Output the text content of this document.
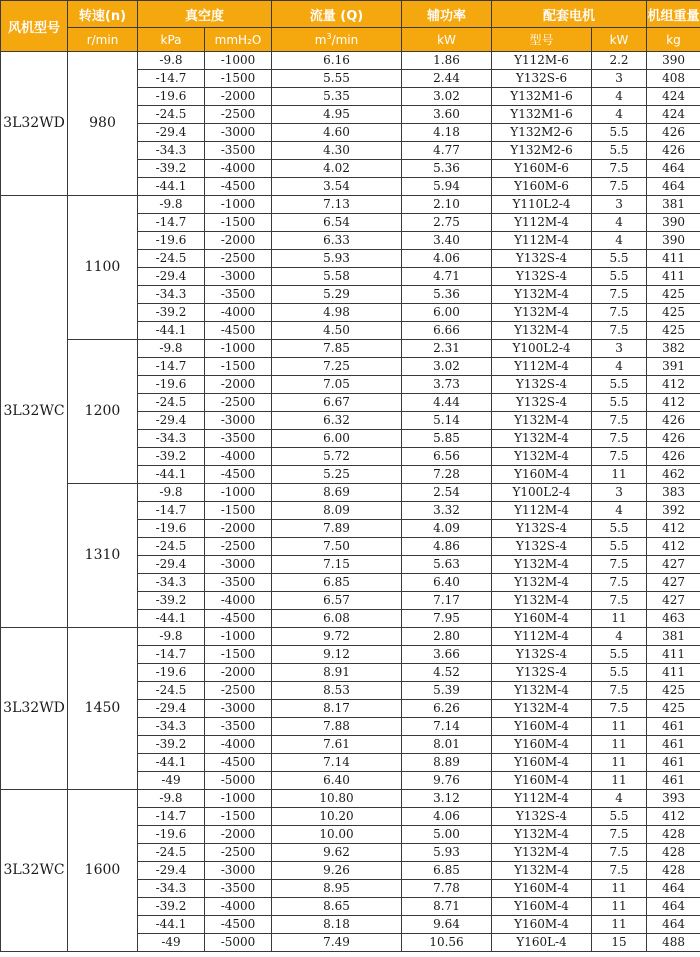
风机型号	转速(n)	真空度		流量 (Q)	辅功率	配套电机		机组重量
	r/min	kPa	mmH₂O	$m^3/\min$	kW	型号	kW	kg
3L32WD	980	-9.8	-1000	6.16	1.86	Y112M-6	2.2	390
		-14.7	-1500	5.55	2.44	Y132S-6	3	408
		-19.6	-2000	5.35	3.02	Y132M1-6	4	424
		-24.5	-2500	4.95	3.60	Y132M1-6	4	424
		-29.4	-3000	4.60	4.18	Y132M2-6	5.5	426
		-34.3	-3500	4.30	4.77	Y132M2-6	5.5	426
		-39.2	-4000	4.02	5.36	Y160M-6	7.5	464
		-44.1	-4500	3.54	5.94	Y160M-6	7.5	464
3L32WC	1100	-9.8	-1000	7.13	2.10	Y110L2-4	3	381
		-14.7	-1500	6.54	2.75	Y112M-4	4	390
		-19.6	-2000	6.33	3.40	Y112M-4	4	390
		-24.5	-2500	5.93	4.06	Y132S-4	5.5	411
		-29.4	-3000	5.58	4.71	Y132S-4	5.5	411
		-34.3	-3500	5.29	5.36	Y132M-4	7.5	425
		-39.2	-4000	4.98	6.00	Y132M-4	7.5	425
		-44.1	-4500	4.50	6.66	Y132M-4	7.5	425
	1200	-9.8	-1000	7.85	2.31	Y100L2-4	3	382
		-14.7	-1500	7.25	3.02	Y112M-4	4	391
		-19.6	-2000	7.05	3.73	Y132S-4	5.5	412
		-24.5	-2500	6.67	4.44	Y132S-4	5.5	412
		-29.4	-3000	6.32	5.14	Y132M-4	7.5	426
		-34.3	-3500	6.00	5.85	Y132M-4	7.5	426
		-39.2	-4000	5.72	6.56	Y132M-4	7.5	426
		-44.1	-4500	5.25	7.28	Y160M-4	11	462
	1310	-9.8	-1000	8.69	2.54	Y100L2-4	3	383
		-14.7	-1500	8.09	3.32	Y112M-4	4	392
		-19.6	-2000	7.89	4.09	Y132S-4	5.5	412
		-24.5	-2500	7.50	4.86	Y132S-4	5.5	412
		-29.4	-3000	7.15	5.63	Y132M-4	7.5	427
		-34.3	-3500	6.85	6.40	Y132M-4	7.5	427
		-39.2	-4000	6.57	7.17	Y132M-4	7.5	427
		-44.1	-4500	6.08	7.95	Y160M-4	11	463
3L32WD	1450	-9.8	-1000	9.72	2.80	Y112M-4	4	381
		-14.7	-1500	9.12	3.66	Y132S-4	5.5	411
		-19.6	-2000	8.91	4.52	Y132S-4	5.5	411
		-24.5	-2500	8.53	5.39	Y132M-4	7.5	425
		-29.4	-3000	8.17	6.26	Y132M-4	7.5	425
		-34.3	-3500	7.88	7.14	Y160M-4	11	461
		-39.2	-4000	7.61	8.01	Y160M-4	11	461
		-44.1	-4500	7.14	8.89	Y160M-4	11	461
		-49	-5000	6.40	9.76	Y160M-4	11	461
3L32WC	1600	-9.8	-1000	10.80	3.12	Y112M-4	4	393
		-14.7	-1500	10.20	4.06	Y132S-4	5.5	412
		-19.6	-2000	10.00	5.00	Y132M-4	7.5	428
		-24.5	-2500	9.62	5.93	Y132M-4	7.5	428
		-29.4	-3000	9.26	6.85	Y132M-4	7.5	428
		-34.3	-3500	8.95	7.78	Y160M-4	11	464
		-39.2	-4000	8.65	8.71	Y160M-4	11	464
		-44.1	-4500	8.18	9.64	Y160M-4	11	464
		-49	-5000	7.49	10.56	Y160L-4	15	488
